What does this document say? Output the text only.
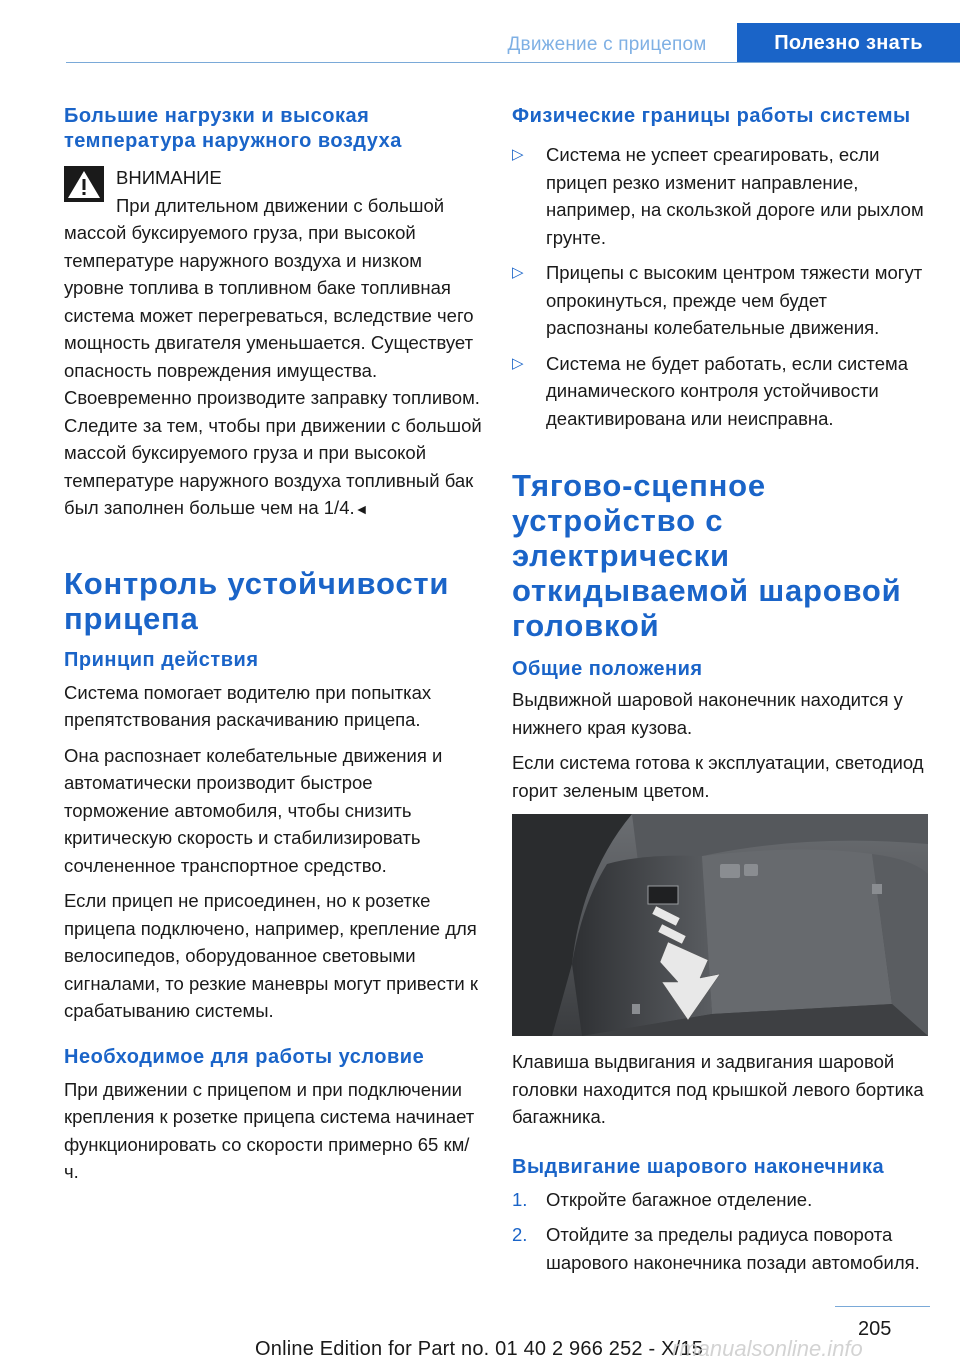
Движение с прицепом	Полезно знать
Большие нагрузки и высокая температура наружного воздуха
ВНИМАНИЕ

При длительном движении с большой массой буксируемого груза, при высокой температуре наружного воздуха и низком уровне топлива в топливном баке топливная система может перегреваться, вследствие чего мощность двигателя уменьшается. Существует опасность повреждения имущества. Своевременно производите заправку топливом. Следите за тем, чтобы при движении с большой массой буксируемого груза и при высокой температуре наружного воздуха топливный бак был заполнен больше чем на 1/4.◄

Контроль устойчивости прицепа
Принцип действия

Система помогает водителю при попытках препятствования раскачиванию прицепа.

Она распознает колебательные движения и автоматически производит быстрое торможение автомобиля, чтобы снизить критическую скорость и стабилизировать сочлененное транспортное средство.

Если прицеп не присоединен, но к розетке прицепа подключено, например, крепление для велосипедов, оборудованное световыми сигналами, то резкие маневры могут привести к срабатыванию системы.

Необходимое для работы условие

При движении с прицепом и при подключении крепления к розетке прицепа система начинает функционировать со скорости примерно 65 км/ч.

Физические границы работы системы
▷ Система не успеет среагировать, если прицеп резко изменит направление, например, на скользкой дороге или рыхлом грунте.
▷ Прицепы с высоким центром тяжести могут опрокинуться, прежде чем будет распознаны колебательные движения.
▷ Система не будет работать, если система динамического контроля устойчивости деактивирована или неисправна.
Тягово-сцепное устройство с электрически откидываемой шаровой головкой
Общие положения

Выдвижной шаровой наконечник находится у нижнего края кузова.

Если система готова к эксплуатации, светодиод горит зеленым цветом.

Клавиша выдвигания и задвигания шаровой головки находится под крышкой левого бортика багажника.

Выдвигание шарового наконечника
1. Откройте багажное отделение.
2. Отойдите за пределы радиуса поворота шарового наконечника позади автомобиля.
205
Online Edition for Part no. 01 40 2 966 252 - X/15
rmanualsonline.info
